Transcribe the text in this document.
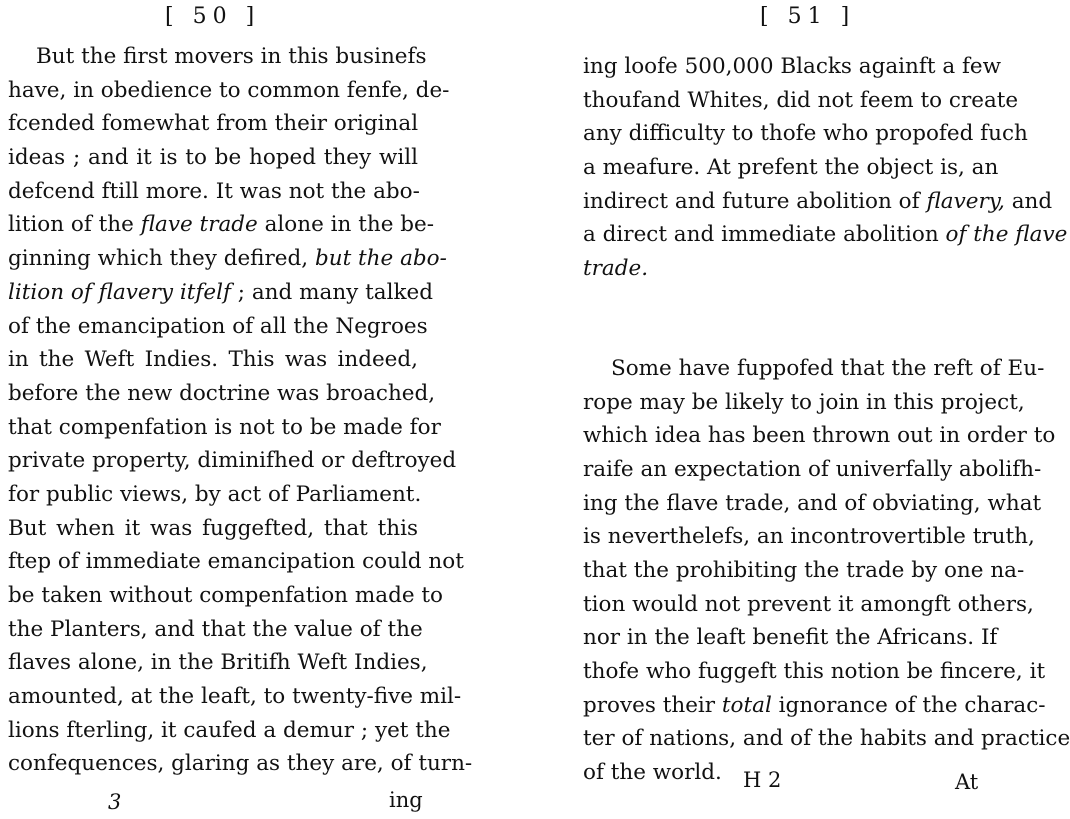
[ 50 ]
But the first movers in this businefs
have, in obedience to common fenfe, de-
fcended fomewhat from their original
ideas ; and it is to be hoped they will
defcend ftill more. It was not the abo-
lition of the flave trade alone in the be-
ginning which they defired, but the abo-
lition of flavery itfelf ; and many talked
of the emancipation of all the Negroes
in the Weft Indies. This was indeed,
before the new doctrine was broached,
that compenfation is not to be made for
private property, diminifhed or deftroyed
for public views, by act of Parliament.
But when it was fuggefted, that this
ftep of immediate emancipation could not
be taken without compenfation made to
the Planters, and that the value of the
flaves alone, in the Britifh Weft Indies,
amounted, at the leaft, to twenty-five mil-
lions fterling, it caufed a demur ; yet the
confequences, glaring as they are, of turn-
3	ing
[ 51 ]
ing loofe 500,000 Blacks againft a few
thoufand Whites, did not feem to create
any difficulty to thofe who propofed fuch
a meafure. At prefent the object is, an
indirect and future abolition of flavery, and
a direct and immediate abolition of the flave
trade.
Some have fuppofed that the reft of Eu-
rope may be likely to join in this project,
which idea has been thrown out in order to
raife an expectation of univerfally abolifh-
ing the flave trade, and of obviating, what
is neverthelefs, an incontrovertible truth,
that the prohibiting the trade by one na-
tion would not prevent it amongft others,
nor in the leaft benefit the Africans. If
thofe who fuggeft this notion be fincere, it
proves their total ignorance of the charac-
ter of nations, and of the habits and practice
of the world.	H 2	At
